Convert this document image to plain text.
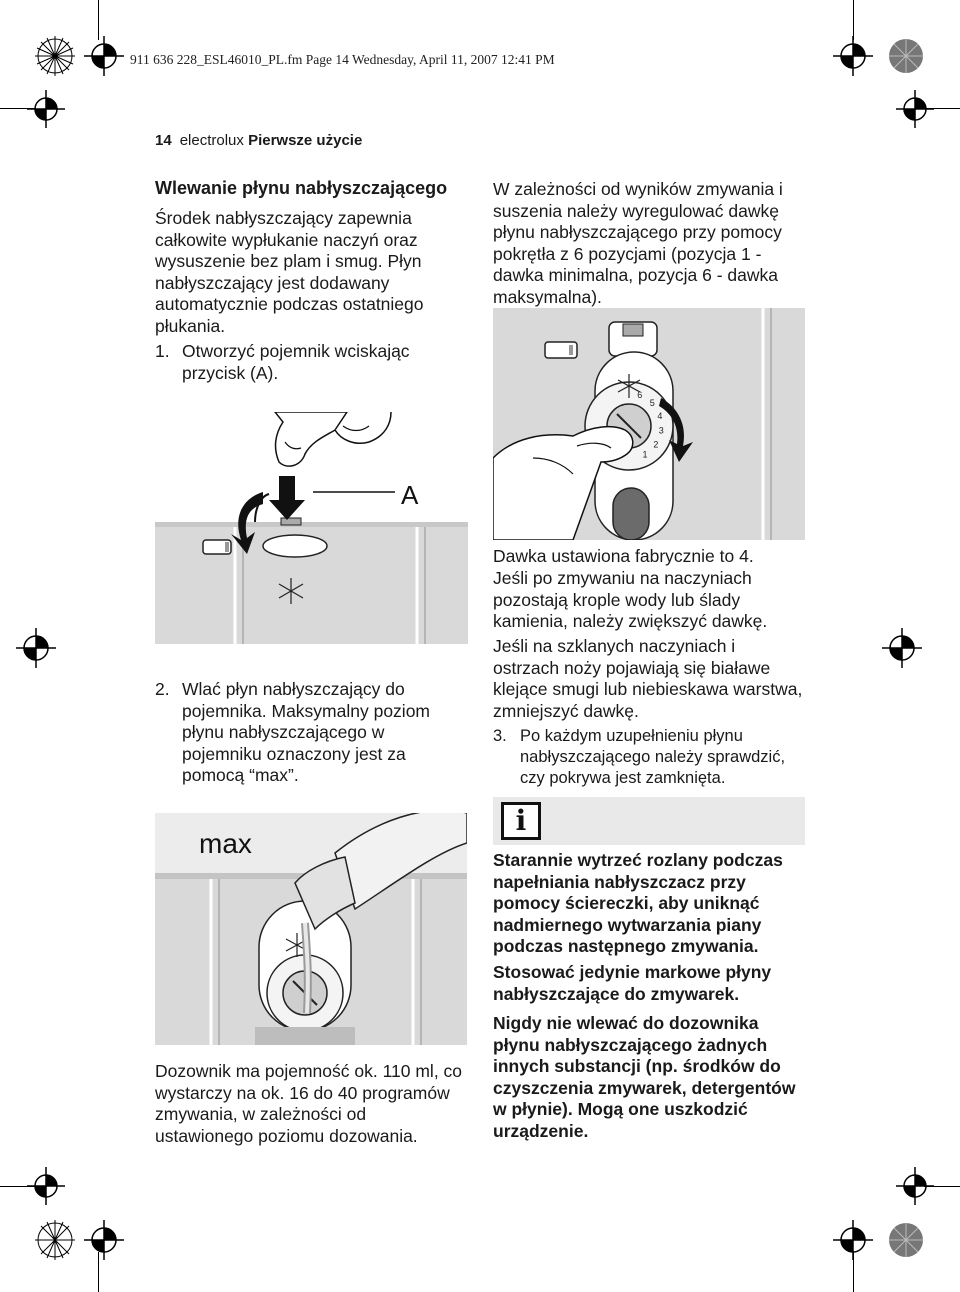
911 636 228_ESL46010_PL.fm Page 14 Wednesday, April 11, 2007 12:41 PM
14 electrolux Pierwsze użycie
Wlewanie płynu nabłyszczającego
Środek nabłyszczający zapewnia całkowite wypłukanie naczyń oraz wysuszenie bez plam i smug. Płyn nabłyszczający jest dodawany automatycznie podczas ostatniego płukania.
1. Otworzyć pojemnik wciskając przycisk (A).
A
2. Wlać płyn nabłyszczający do pojemnika. Maksymalny poziom płynu nabłyszczającego w pojemniku oznaczony jest za pomocą “max”.
max
Dozownik ma pojemność ok. 110 ml, co wystarczy na ok. 16 do 40 programów zmywania, w zależności od ustawionego poziomu dozowania.
W zależności od wyników zmywania i suszenia należy wyregulować dawkę płynu nabłyszczającego przy pomocy pokrętła z 6 pozycjami (pozycja 1 - dawka minimalna, pozycja 6 - dawka maksymalna).
6
5
4
3
2
1
Dawka ustawiona fabrycznie to 4.
Jeśli po zmywaniu na naczyniach pozostają krople wody lub ślady kamienia, należy zwiększyć dawkę.
Jeśli na szklanych naczyniach i ostrzach noży pojawiają się białawe klejące smugi lub niebieskawa warstwa, zmniejszyć dawkę.
3. Po każdym uzupełnieniu płynu nabłyszczającego należy sprawdzić, czy pokrywa jest zamknięta.
i
Starannie wytrzeć rozlany podczas napełniania nabłyszczacz przy pomocy ściereczki, aby uniknąć nadmiernego wytwarzania piany podczas następnego zmywania.
Stosować jedynie markowe płyny nabłyszczające do zmywarek.
Nigdy nie wlewać do dozownika płynu nabłyszczającego żadnych innych substancji (np. środków do czyszczenia zmywarek, detergentów w płynie). Mogą one uszkodzić urządzenie.
